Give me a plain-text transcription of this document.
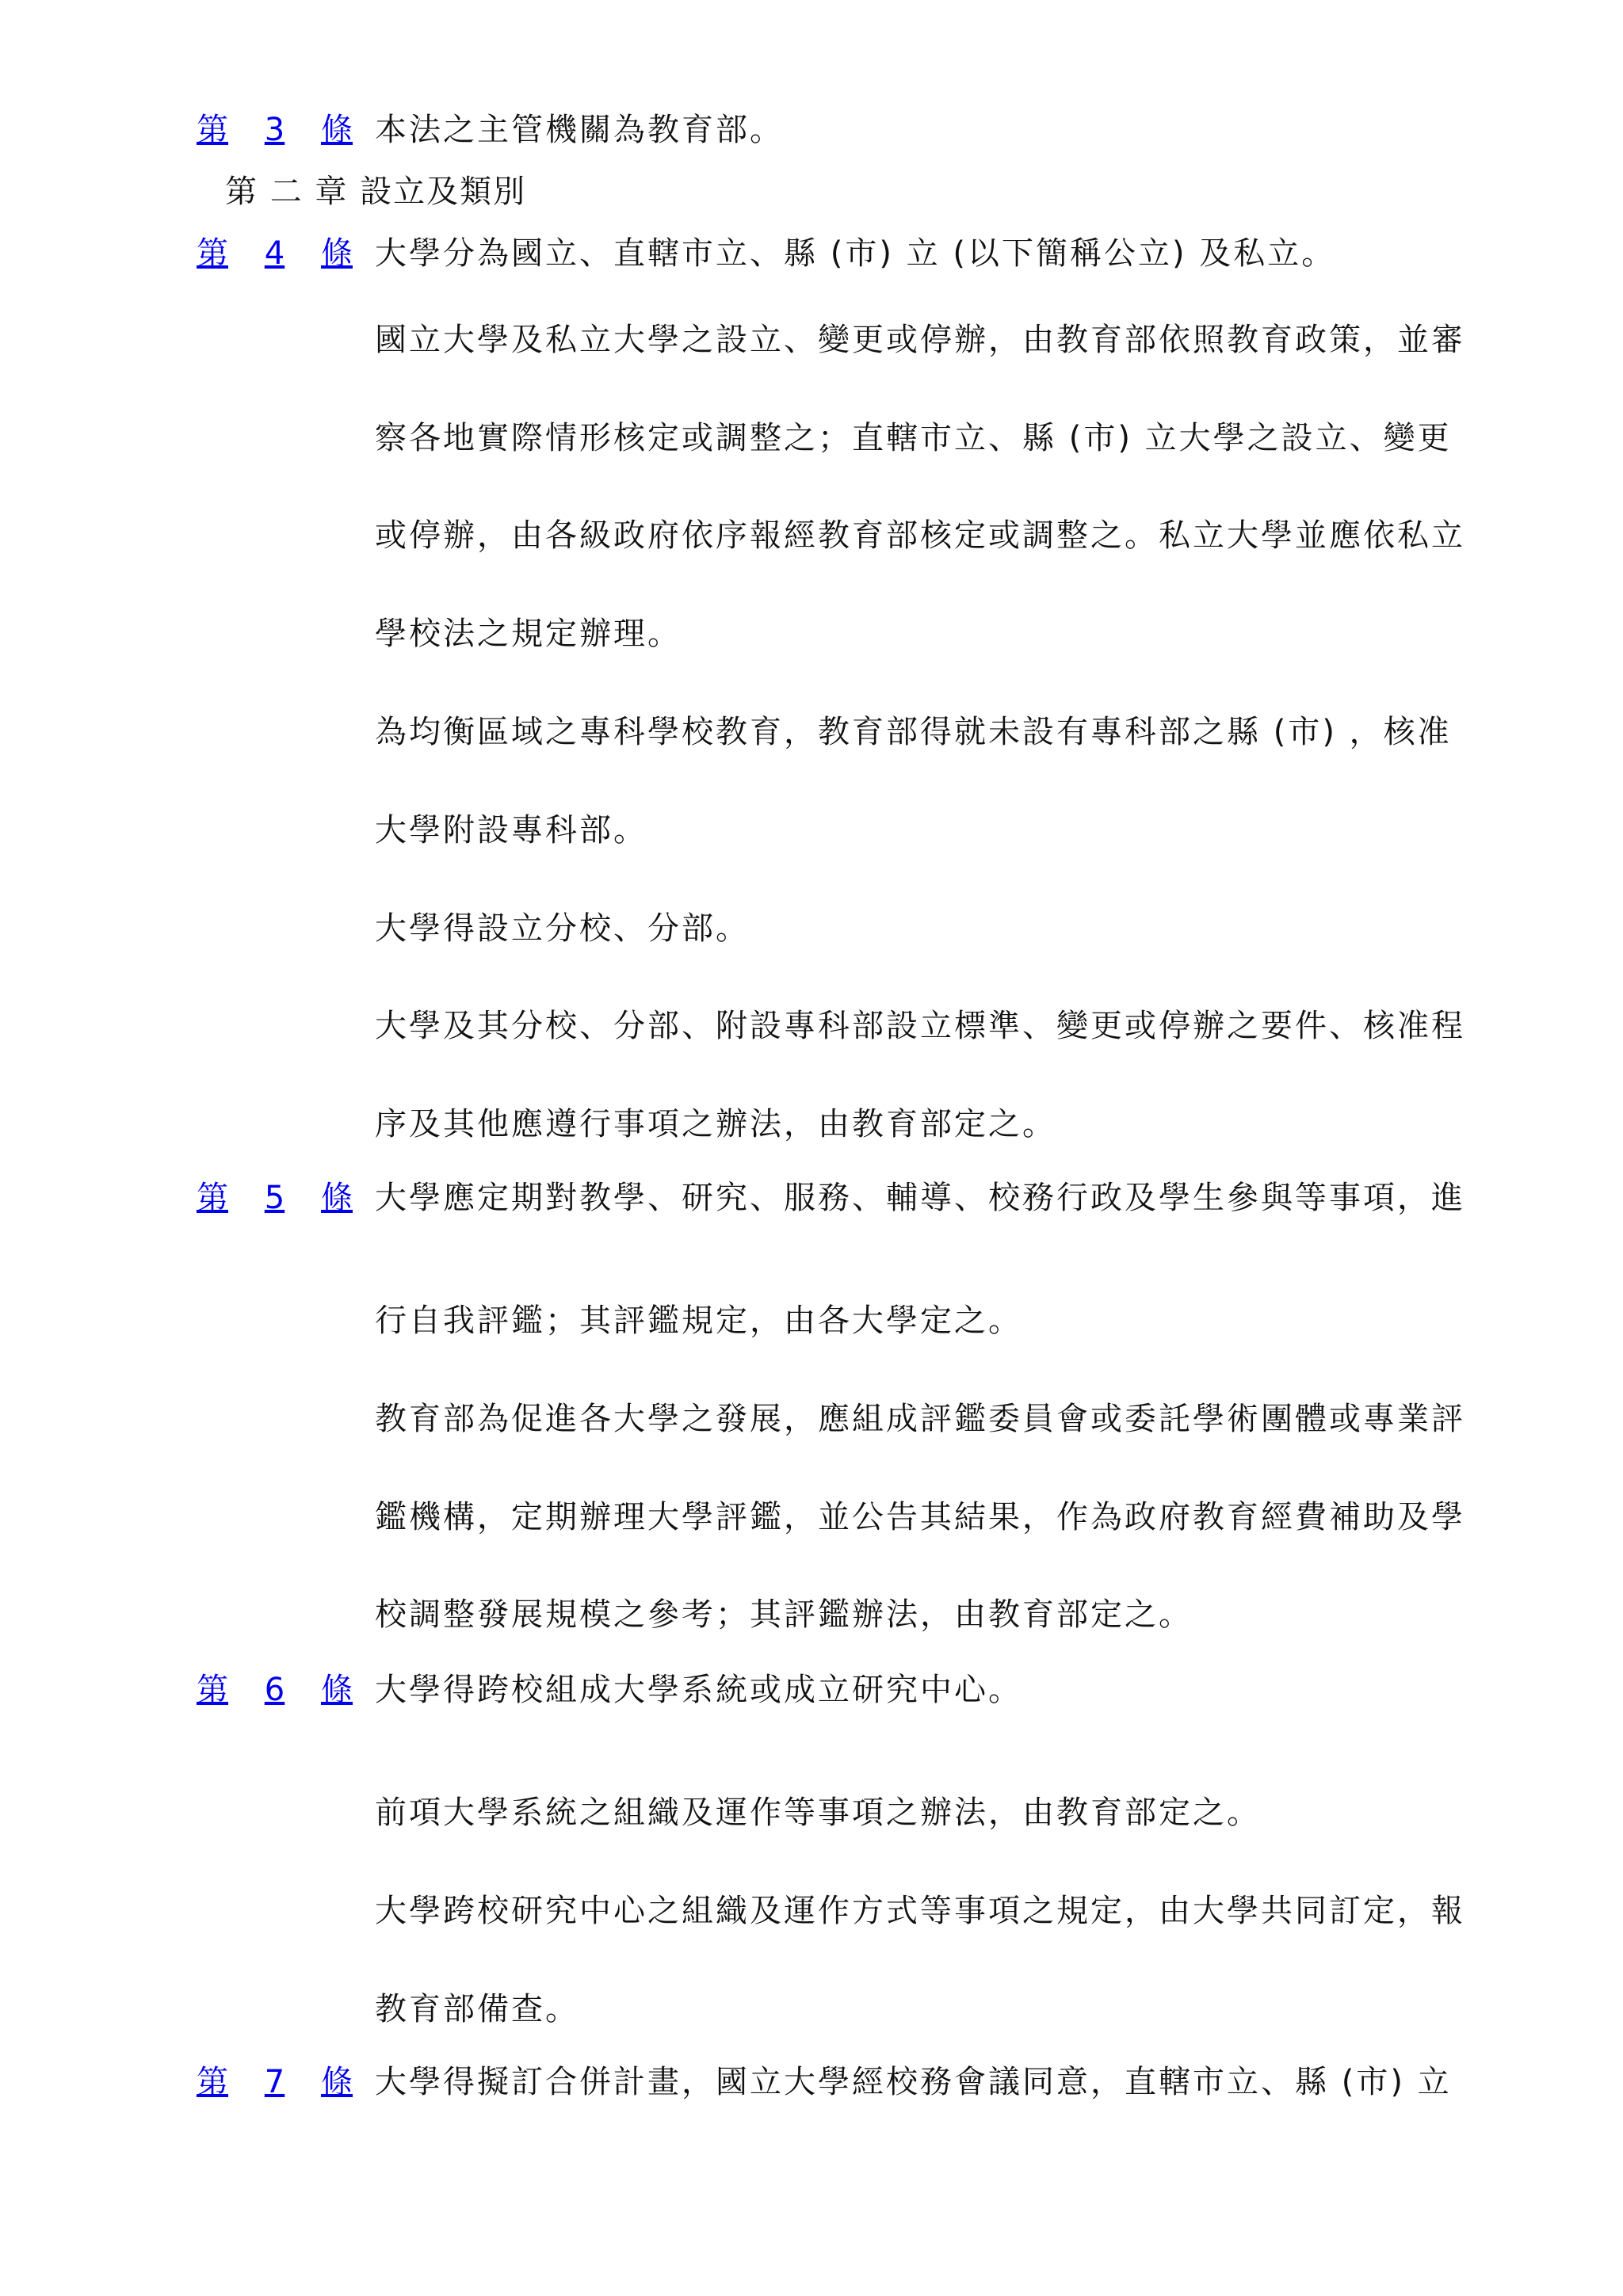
第 3 條 本法之主管機關為教育部。
第 二 章 設立及類別
第 4 條 大學分為國立、直轄市立、縣 (市) 立 (以下簡稱公立) 及私立。
國立大學及私立大學之設立、變更或停辦，由教育部依照教育政策，並審
察各地實際情形核定或調整之；直轄市立、縣 (市) 立大學之設立、變更
或停辦，由各級政府依序報經教育部核定或調整之。私立大學並應依私立
學校法之規定辦理。
為均衡區域之專科學校教育，教育部得就未設有專科部之縣 (市) ，核准
大學附設專科部。
大學得設立分校、分部。
大學及其分校、分部、附設專科部設立標準、變更或停辦之要件、核准程
序及其他應遵行事項之辦法，由教育部定之。
第 5 條 大學應定期對教學、研究、服務、輔導、校務行政及學生參與等事項，進
行自我評鑑；其評鑑規定，由各大學定之。
教育部為促進各大學之發展，應組成評鑑委員會或委託學術團體或專業評
鑑機構，定期辦理大學評鑑，並公告其結果，作為政府教育經費補助及學
校調整發展規模之參考；其評鑑辦法，由教育部定之。
第 6 條 大學得跨校組成大學系統或成立研究中心。
前項大學系統之組織及運作等事項之辦法，由教育部定之。
大學跨校研究中心之組織及運作方式等事項之規定，由大學共同訂定，報
教育部備查。
第 7 條 大學得擬訂合併計畫，國立大學經校務會議同意，直轄市立、縣 (市) 立
